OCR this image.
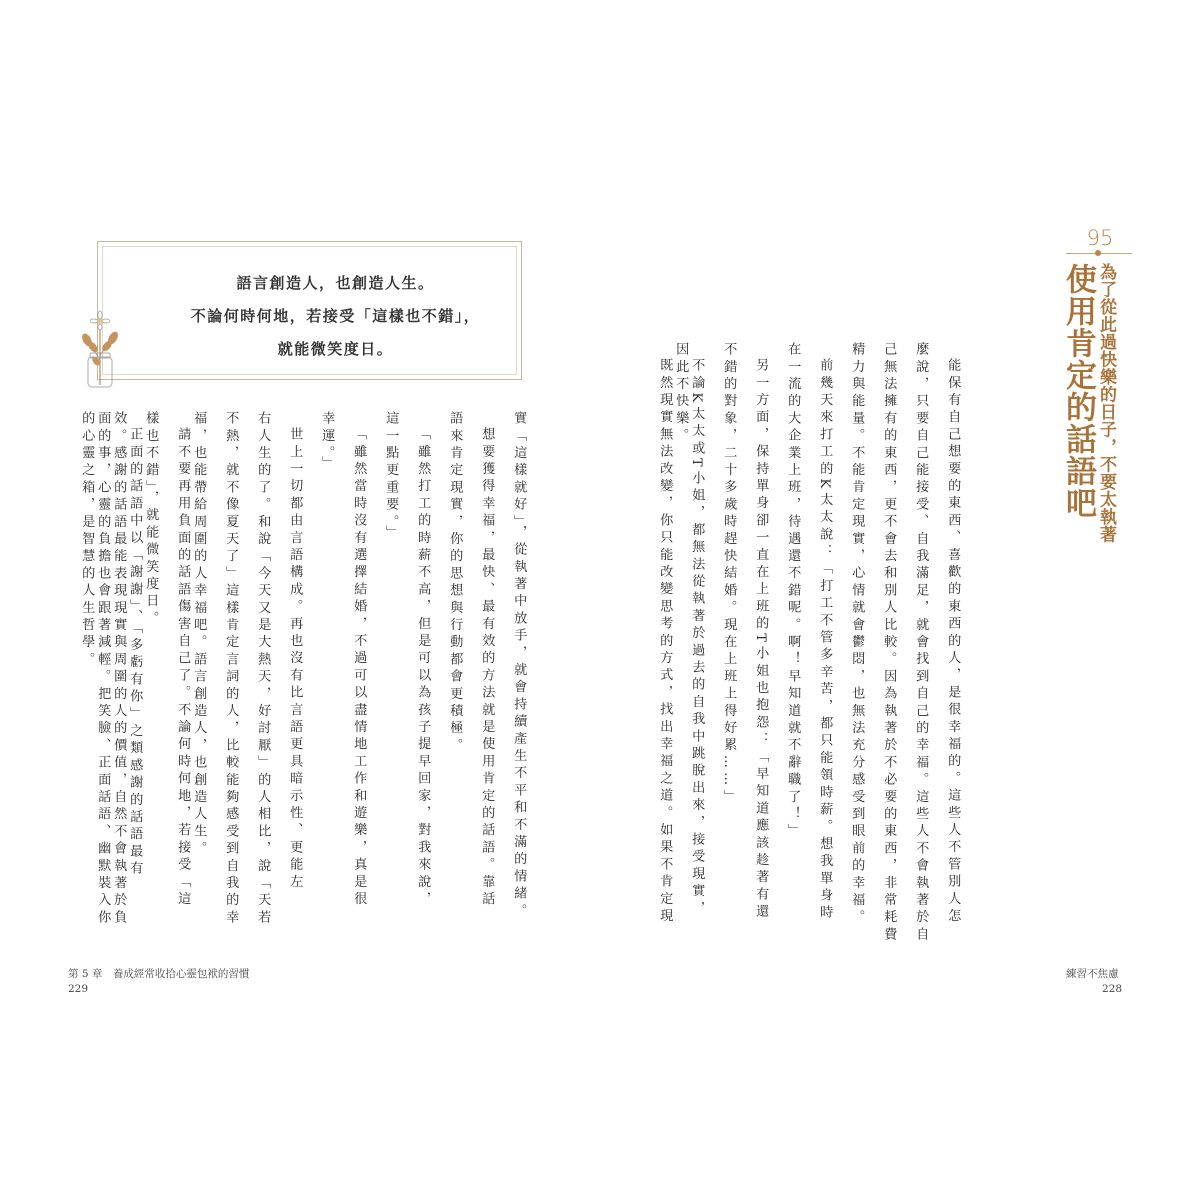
語言創造人，也創造人生。
不論何時何地，若接受「這樣也不錯」，
就能微笑度日。
實「這樣就好」，從執著中放手，就會持續產生不平和不滿的情緒。
想要獲得幸福，最快、最有效的方法就是使用肯定的話語。靠話
語來肯定現實，你的思想與行動都會更積極。
「雖然打工的時薪不高，但是可以為孩子提早回家，對我來說，
這一點更重要。」
「雖然當時沒有選擇結婚，不過可以盡情地工作和遊樂，真是很
幸運。」
世上一切都由言語構成。再也沒有比言語更具暗示性、更能左
右人生的了。和說「今天又是大熱天，好討厭」的人相比，說「天若
不熱，就不像夏天了」這樣肯定言詞的人，比較能夠感受到自我的幸
福，也能帶給周圍的人幸福吧。語言創造人，也創造人生。
請不要再用負面的話語傷害自己了。不論何時何地，若接受「這
樣也不錯」，就能微笑度日。
正面的話語中以「謝謝」、「多虧有你」之類感謝的話語最有
效。感謝的話語最能表現現實與周圍的人的價值，自然不會執著於負
面的事，心靈的負擔也會跟著減輕。把笑臉、正面話語、幽默裝入你
的心靈之箱，是智慧的人生哲學。
第 5 章　養成經常收拾心靈包袱的習慣
229
95
為了從此過快樂的日子，不要太執著
使用肯定的話語吧
能保有自己想要的東西、喜歡的東西的人，是很幸福的。這些人不管別人怎
麼說，只要自己能接受、自我滿足，就會找到自己的幸福。這些人不會執著於自
己無法擁有的東西，更不會去和別人比較。因為執著於不必要的東西，非常耗費
精力與能量。不能肯定現實，心情就會鬱悶，也無法充分感受到眼前的幸福。
前幾天來打工的K太太說：「打工不管多辛苦，都只能領時薪。想我單身時
在一流的大企業上班，待遇還不錯呢。啊！早知道就不辭職了！」
另一方面，保持單身卻一直在上班的T小姐也抱怨：「早知道應該趁著有還
不錯的對象，二十多歲時趕快結婚。現在上班上得好累……」
不論K太太或T小姐，都無法從執著於過去的自我中跳脫出來，接受現實，
因此不快樂。
既然現實無法改變，你只能改變思考的方式，找出幸福之道。如果不肯定現
練習不焦慮
228
